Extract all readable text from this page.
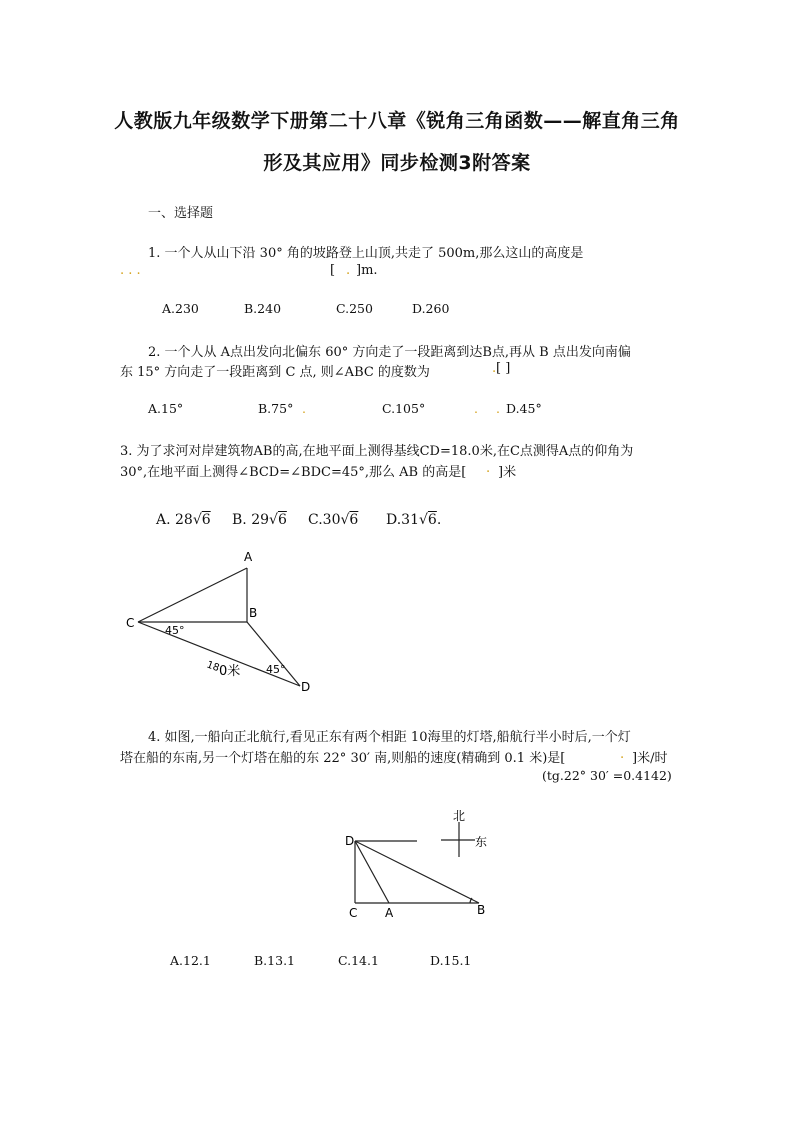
人教版九年级数学下册第二十八章《锐角三角函数——解直角三角
形及其应用》同步检测3附答案
一、选择题
1. 一个人从山下沿 30° 角的坡路登上山顶,共走了 500m,那么这山的高度是
. . .	[ . ]m.
A.230	B.240	C.250	D.260
2. 一个人从 A点出发向北偏东 60° 方向走了一段距离到达B点,再从 B 点出发向南偏
东 15° 方向走了一段距离到 C 点, 则∠ABC 的度数为	. [ ]
A.15°	B.75° .	C.105°	. . D.45°
3. 为了求河对岸建筑物AB的高,在地平面上测得基线CD=18.0米,在C点测得A点的仰角为
30°,在地平面上测得∠BCD=∠BDC=45°,那么 AB 的高是[ . ]米
A. 28√6 B. 29√6 C.30√6 D.31√6.
A
B
C
D
45°
45°
18
0米
4. 如图,一船向正北航行,看见正东有两个相距 10海里的灯塔,船航行半小时后,一个灯
塔在船的东南,另一个灯塔在船的东 22° 30′ 南,则船的速度(精确到 0.1 米)是[	. ]米/时
(tg.22° 30′ =0.4142)
D
C A	B
北
东
A.12.1	B.13.1	C.14.1	D.15.1
